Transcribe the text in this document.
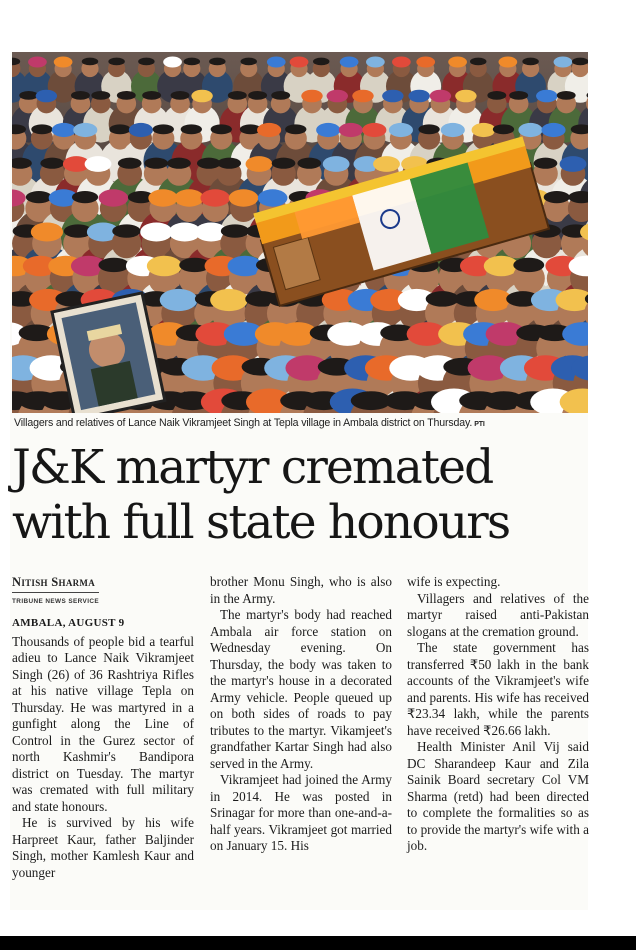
Villagers and relatives of Lance Naik Vikramjeet Singh at Tepla village in Ambala district on Thursday. PTI
J&K martyr cremated
with full state honours
Nitish Sharma
TRIBUNE NEWS SERVICE
AMBALA, AUGUST 9

Thousands of people bid a tearful adieu to Lance Naik Vikramjeet Singh (26) of 36 Rashtriya Rifles at his native village Tepla on Thursday. He was martyred in a gunfight along the Line of Control in the Gurez sector of north Kashmir's Bandipora district on Tuesday. The martyr was cremated with full military and state honours.

He is survived by his wife Harpreet Kaur, father Baljinder Singh, mother Kamlesh Kaur and younger

brother Monu Singh, who is also in the Army.

The martyr's body had reached Ambala air force station on Wednesday evening. On Thursday, the body was taken to the martyr's house in a decorated Army vehicle. People queued up on both sides of roads to pay tributes to the martyr. Vikamjeet's grandfather Kartar Singh had also served in the Army.

Vikramjeet had joined the Army in 2014. He was posted in Srinagar for more than one-and-a-half years. Vikramjeet got married on January 15. His

wife is expecting.

Villagers and relatives of the martyr raised anti-Pakistan slogans at the cremation ground.

The state government has transferred ₹50 lakh in the bank accounts of the Vikramjeet's wife and parents. His wife has received ₹23.34 lakh, while the parents have received ₹26.66 lakh.

Health Minister Anil Vij said DC Sharandeep Kaur and Zila Sainik Board secretary Col VM Sharma (retd) had been directed to complete the formalities so as to provide the martyr's wife with a job.
